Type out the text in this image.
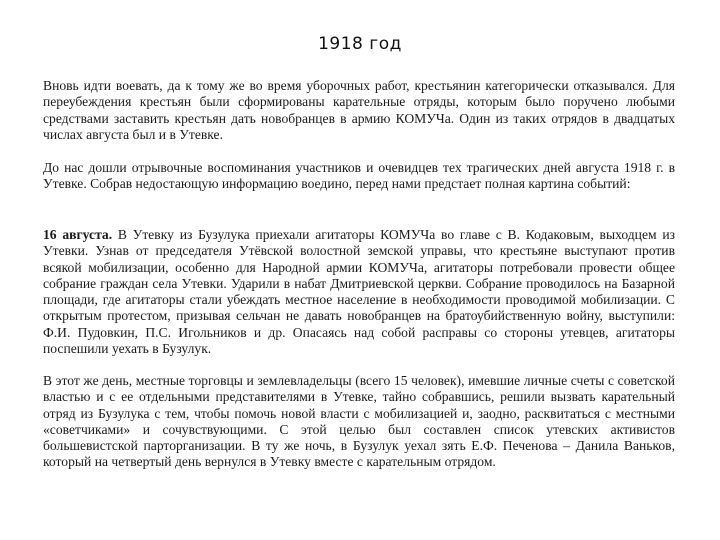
1918 год
Вновь идти воевать, да к тому же во время уборочных работ, крестьянин категорически отказывался. Для переубеждения крестьян были сформированы карательные отряды, которым было поручено любыми средствами заставить крестьян дать новобранцев в армию КОМУЧа. Один из таких отрядов в двадцатых числах августа был и в Утевке.
До нас дошли отрывочные воспоминания участников и очевидцев тех трагических дней августа 1918 г. в Утевке. Собрав недостающую информацию воедино, перед нами предстает полная картина событий:
16 августа. В Утевку из Бузулука приехали агитаторы КОМУЧа во главе с В. Кодаковым, выходцем из Утевки. Узнав от председателя Утёвской волостной земской управы, что крестьяне выступают против всякой мобилизации, особенно для Народной армии КОМУЧа, агитаторы потребовали провести общее собрание граждан села Утевки. Ударили в набат Дмитриевской церкви. Собрание проводилось на Базарной площади, где агитаторы стали убеждать местное население в необходимости проводимой мобилизации. С открытым протестом, призывая сельчан не давать новобранцев на братоубийственную войну, выступили: Ф.И. Пудовкин, П.С. Игольников и др. Опасаясь над собой расправы со стороны утевцев, агитаторы поспешили уехать в Бузулук.
В этот же день, местные торговцы и землевладельцы (всего 15 человек), имевшие личные счеты с советской властью и с ее отдельными представителями в Утевке, тайно собравшись, решили вызвать карательный отряд из Бузулука с тем, чтобы помочь новой власти с мобилизацией и, заодно, расквитаться с местными «советчиками» и сочувствующими. С этой целью был составлен список утевских активистов большевистской парторганизации. В ту же ночь, в Бузулук уехал зять Е.Ф. Печенова – Данила Ваньков, который на четвертый день вернулся в Утевку вместе с карательным отрядом.
